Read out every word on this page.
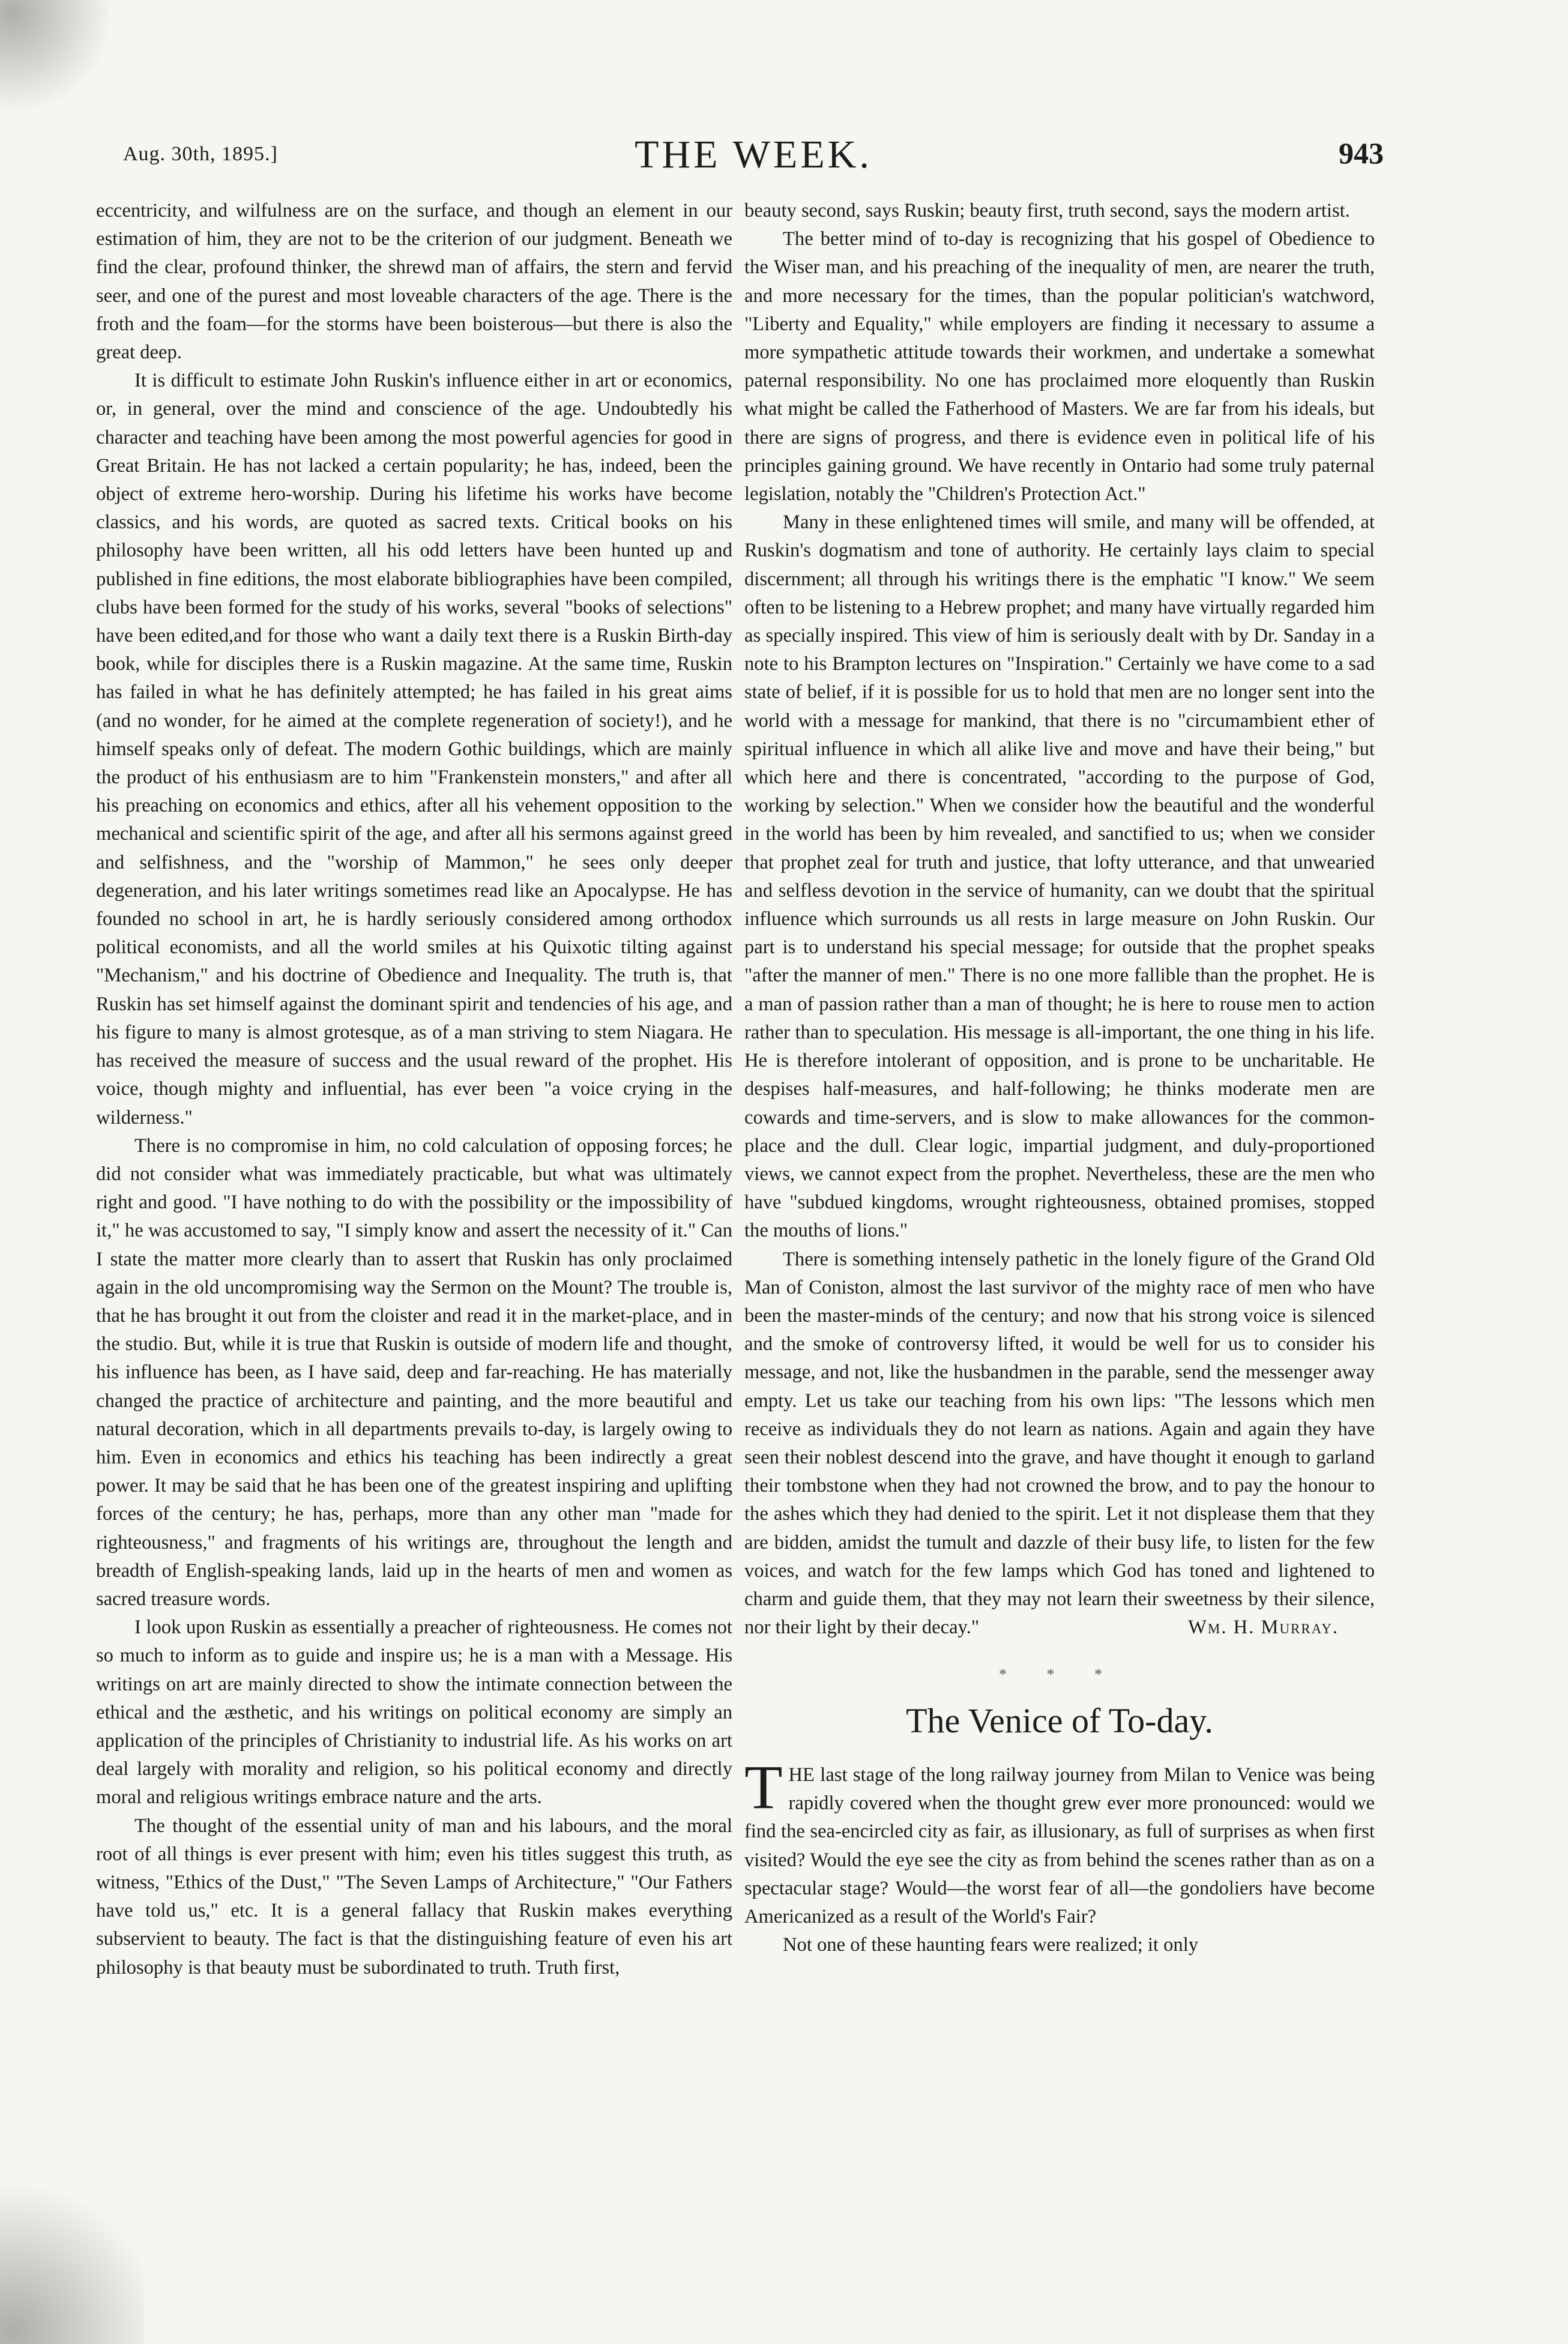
Aug. 30th, 1895.]	THE WEEK.	943

eccentricity, and wilfulness are on the surface, and though an element in our estimation of him, they are not to be the criterion of our judgment. Beneath we find the clear, profound thinker, the shrewd man of affairs, the stern and fervid seer, and one of the purest and most loveable characters of the age. There is the froth and the foam—for the storms have been boisterous—but there is also the great deep.

It is difficult to estimate John Ruskin's influence either in art or economics, or, in general, over the mind and conscience of the age. Undoubtedly his character and teaching have been among the most powerful agencies for good in Great Britain. He has not lacked a certain popularity; he has, indeed, been the object of extreme hero-worship. During his lifetime his works have become classics, and his words, are quoted as sacred texts. Critical books on his philosophy have been written, all his odd letters have been hunted up and published in fine editions, the most elaborate bibliographies have been compiled, clubs have been formed for the study of his works, several "books of selections" have been edited,and for those who want a daily text there is a Ruskin Birth-day book, while for disciples there is a Ruskin magazine. At the same time, Ruskin has failed in what he has definitely attempted; he has failed in his great aims (and no wonder, for he aimed at the complete regeneration of society!), and he himself speaks only of defeat. The modern Gothic buildings, which are mainly the product of his enthusiasm are to him "Frankenstein monsters," and after all his preaching on economics and ethics, after all his vehement opposition to the mechanical and scientific spirit of the age, and after all his sermons against greed and selfishness, and the "worship of Mammon," he sees only deeper degeneration, and his later writings sometimes read like an Apocalypse. He has founded no school in art, he is hardly seriously considered among orthodox political economists, and all the world smiles at his Quixotic tilting against "Mechanism," and his doctrine of Obedience and Inequality. The truth is, that Ruskin has set himself against the dominant spirit and tendencies of his age, and his figure to many is almost grotesque, as of a man striving to stem Niagara. He has received the measure of success and the usual reward of the prophet. His voice, though mighty and influential, has ever been "a voice crying in the wilderness."

There is no compromise in him, no cold calculation of opposing forces; he did not consider what was immediately practicable, but what was ultimately right and good. "I have nothing to do with the possibility or the impossibility of it," he was accustomed to say, "I simply know and assert the necessity of it." Can I state the matter more clearly than to assert that Ruskin has only proclaimed again in the old uncompromising way the Sermon on the Mount? The trouble is, that he has brought it out from the cloister and read it in the market-place, and in the studio. But, while it is true that Ruskin is outside of modern life and thought, his influence has been, as I have said, deep and far-reaching. He has materially changed the practice of architecture and painting, and the more beautiful and natural decoration, which in all departments prevails to-day, is largely owing to him. Even in economics and ethics his teaching has been indirectly a great power. It may be said that he has been one of the greatest inspiring and uplifting forces of the century; he has, perhaps, more than any other man "made for righteousness," and fragments of his writings are, throughout the length and breadth of English-speaking lands, laid up in the hearts of men and women as sacred treasure words.

I look upon Ruskin as essentially a preacher of righteousness. He comes not so much to inform as to guide and inspire us; he is a man with a Message. His writings on art are mainly directed to show the intimate connection between the ethical and the æsthetic, and his writings on political economy are simply an application of the principles of Christianity to industrial life. As his works on art deal largely with morality and religion, so his political economy and directly moral and religious writings embrace nature and the arts.

The thought of the essential unity of man and his labours, and the moral root of all things is ever present with him; even his titles suggest this truth, as witness, "Ethics of the Dust," "The Seven Lamps of Architecture," "Our Fathers have told us," etc. It is a general fallacy that Ruskin makes everything subservient to beauty. The fact is that the distinguishing feature of even his art philosophy is that beauty must be subordinated to truth. Truth first,

beauty second, says Ruskin; beauty first, truth second, says the modern artist.

The better mind of to-day is recognizing that his gospel of Obedience to the Wiser man, and his preaching of the inequality of men, are nearer the truth, and more necessary for the times, than the popular politician's watchword, "Liberty and Equality," while employers are finding it necessary to assume a more sympathetic attitude towards their workmen, and undertake a somewhat paternal responsibility. No one has proclaimed more eloquently than Ruskin what might be called the Fatherhood of Masters. We are far from his ideals, but there are signs of progress, and there is evidence even in political life of his principles gaining ground. We have recently in Ontario had some truly paternal legislation, notably the "Children's Protection Act."

Many in these enlightened times will smile, and many will be offended, at Ruskin's dogmatism and tone of authority. He certainly lays claim to special discernment; all through his writings there is the emphatic "I know." We seem often to be listening to a Hebrew prophet; and many have virtually regarded him as specially inspired. This view of him is seriously dealt with by Dr. Sanday in a note to his Brampton lectures on "Inspiration." Certainly we have come to a sad state of belief, if it is possible for us to hold that men are no longer sent into the world with a message for mankind, that there is no "circumambient ether of spiritual influence in which all alike live and move and have their being," but which here and there is concentrated, "according to the purpose of God, working by selection." When we consider how the beautiful and the wonderful in the world has been by him revealed, and sanctified to us; when we consider that prophet zeal for truth and justice, that lofty utterance, and that unwearied and selfless devotion in the service of humanity, can we doubt that the spiritual influence which surrounds us all rests in large measure on John Ruskin. Our part is to understand his special message; for outside that the prophet speaks "after the manner of men." There is no one more fallible than the prophet. He is a man of passion rather than a man of thought; he is here to rouse men to action rather than to speculation. His message is all-important, the one thing in his life. He is therefore intolerant of opposition, and is prone to be uncharitable. He despises half-measures, and half-following; he thinks moderate men are cowards and time-servers, and is slow to make allowances for the common-place and the dull. Clear logic, impartial judgment, and duly-proportioned views, we cannot expect from the prophet. Nevertheless, these are the men who have "subdued kingdoms, wrought righteousness, obtained promises, stopped the mouths of lions."

There is something intensely pathetic in the lonely figure of the Grand Old Man of Coniston, almost the last survivor of the mighty race of men who have been the master-minds of the century; and now that his strong voice is silenced and the smoke of controversy lifted, it would be well for us to consider his message, and not, like the husbandmen in the parable, send the messenger away empty. Let us take our teaching from his own lips: "The lessons which men receive as individuals they do not learn as nations. Again and again they have seen their noblest descend into the grave, and have thought it enough to garland their tombstone when they had not crowned the brow, and to pay the honour to the ashes which they had denied to the spirit. Let it not displease them that they are bidden, amidst the tumult and dazzle of their busy life, to listen for the few voices, and watch for the few lamps which God has toned and lightened to charm and guide them, that they may not learn their sweetness by their silence, nor their light by their decay."	Wm. H. Murray.
* * *
The Venice of To-day.

THE last stage of the long railway journey from Milan to Venice was being rapidly covered when the thought grew ever more pronounced: would we find the sea-encircled city as fair, as illusionary, as full of surprises as when first visited? Would the eye see the city as from behind the scenes rather than as on a spectacular stage? Would—the worst fear of all—the gondoliers have become Americanized as a result of the World's Fair?

Not one of these haunting fears were realized; it only
